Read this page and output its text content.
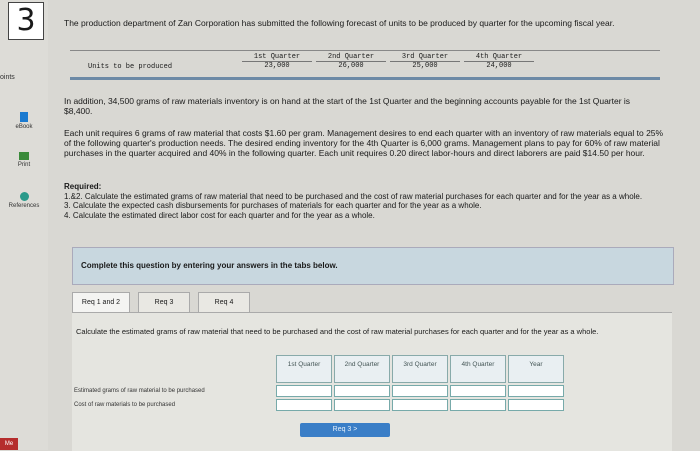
3
oints
eBook
Print
References
Me
The production department of Zan Corporation has submitted the following forecast of units to be produced by quarter for the upcoming fiscal year.
Units to be produced
1st Quarter
23,000
2nd Quarter
26,000
3rd Quarter
25,000
4th Quarter
24,000
In addition, 34,500 grams of raw materials inventory is on hand at the start of the 1st Quarter and the beginning accounts payable for the 1st Quarter is $8,400.
Each unit requires 6 grams of raw material that costs $1.60 per gram. Management desires to end each quarter with an inventory of raw materials equal to 25% of the following quarter's production needs. The desired ending inventory for the 4th Quarter is 6,000 grams. Management plans to pay for 60% of raw material purchases in the quarter acquired and 40% in the following quarter. Each unit requires 0.20 direct labor-hours and direct laborers are paid $14.50 per hour.
Required:
1.&2. Calculate the estimated grams of raw material that need to be purchased and the cost of raw material purchases for each quarter and for the year as a whole.
3. Calculate the expected cash disbursements for purchases of materials for each quarter and for the year as a whole.
4. Calculate the estimated direct labor cost for each quarter and for the year as a whole.
Complete this question by entering your answers in the tabs below.
Req 1 and 2	Req 3	Req 4
Calculate the estimated grams of raw material that need to be purchased and the cost of raw material purchases for each quarter and for the year as a whole.
1st Quarter	2nd Quarter	3rd Quarter	4th Quarter	Year
Estimated grams of raw material to be purchased
Cost of raw materials to be purchased
Req 3 >
